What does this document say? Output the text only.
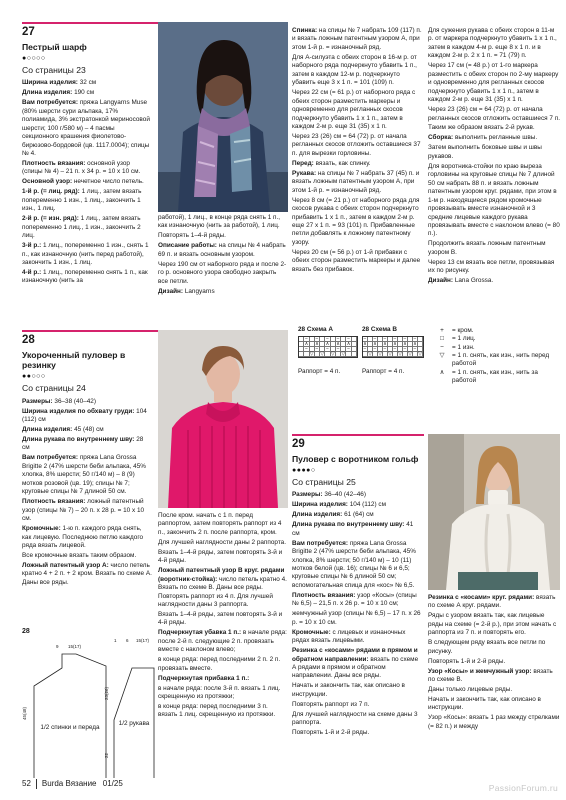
27
Пестрый шарф
●○○○○
Со страницы 23

Ширина изделия: 32 см

Длина изделия: 190 см

Вам потребуется: пряжа Langyarns Muse (80% шерсти сури альпака, 17% полиамида, 3% экстратонкой мериносовой шерсти; 100 г/580 м) – 4 пасмы секционного крашения фиолетово-бирюзово-бордовой (цв. 1117.0004); спицы № 4.

Плотность вязания: основной узор (спицы № 4) – 21 п. х 34 р. = 10 х 10 см.

Основной узор: нечетное число петель.

1-й р. (= лиц. ряд): 1 лиц., затем вязать попеременно 1 изн., 1 лиц., закончить 1 изн., 1 лиц.

2-й р. (= изн. ряд): 1 лиц., затем вязать попеременно 1 лиц., 1 изн., закончить 2 лиц.

3-й р.: 1 лиц., попеременно 1 изн., снять 1 п., как изнаночную (нить перед работой), закончить 1 изн., 1 лиц.

4-й р.: 1 лиц., попеременно снять 1 п., как изнаночную (нить за

работой), 1 лиц., в конце ряда снять 1 п., как изнаночную (нить за работой), 1 лиц.

Повторять 1–4-й ряды.

Описание работы: на спицы № 4 набрать 69 п. и вязать основным узором.

Через 190 см от наборного ряда и после 2-го р. основного узора свободно закрыть все петли.

Дизайн: Langyarns

Спинка: на спицы № 7 набрать 109 (117) п. и вязать ложным патентным узором А, при этом 1-й р. = изнаночный ряд.

Для А-силуэта с обеих сторон в 16-м р. от наборного ряда подчеркнуто убавить 1 п., затем в каждом 12-м р. подчеркнуто убавить еще 3 х 1 п. = 101 (109) п.

Через 22 см (= 61 р.) от наборного ряда с обеих сторон разместить маркеры и одновременно для регланных скосов подчеркнуто убавить 1 х 1 п., затем в каждом 2-м р. еще 31 (35) х 1 п.

Через 23 (26) см = 64 (72) р. от начала регланных скосов отложить оставшиеся 37 п. для вырезки горловины.

Перед: вязать, как спинку.

Рукава: на спицы № 7 набрать 37 (45) п. и вязать ложным патентным узором А, при этом 1-й р. = изнаночный ряд.

Через 8 см (= 21 р.) от наборного ряда для скосов рукава с обеих сторон подчеркнуто прибавить 1 х 1 п., затем в каждом 2-м р. еще 27 х 1 п. = 93 (101) п. Прибавленные петли добавлять к ложному патентному узору.

Через 20 см (= 56 р.) от 1-й прибавки с обеих сторон разместить маркеры и далее вязать без прибавок.

Для сужения рукава с обеих сторон в 11-м р. от маркера подчеркнуто убавить 1 х 1 п., затем в каждом 4-м р. еще 8 х 1 п. и в каждом 2-м р. 2 х 1 п. = 71 (79) п.

Через 17 см (= 48 р.) от 1-го маркера разместить с обеих сторон по 2-му маркеру и одновременно для регланных скосов подчеркнуто убавить 1 х 1 п., затем в каждом 2-м р. еще 31 (35) х 1 п.

Через 23 (26) см = 64 (72) р. от начала регланных скосов отложить оставшиеся 7 п.

Таким же образом вязать 2-й рукав.

Сборка: выполнить регланные швы.

Затем выполнить боковые швы и швы рукавов.

Для воротника-стойки по краю выреза горловины на круговые спицы № 7 длиной 50 см набрать 88 п. и вязать ложным патентным узором круг. рядами, при этом в 1-м р. находящиеся рядом кромочные провязывать вместе изнаночной и 3 средние лицевые каждого рукава провязывать вместе с наклоном влево (= 80 п.).

Продолжить вязать ложным патентным узором В.

Через 13 см вязать все петли, провязывая их по рисунку.

Дизайн: Lana Grossa.

28
Укороченный пуловер в резинку
●●○○○
Со страницы 24

Размеры: 36–38 (40–42)

Ширина изделия по обхвату груди: 104 (112) см

Длина изделия: 45 (48) см

Длина рукава по внутреннему шву: 28 см

Вам потребуется: пряжа Lana Grossa Brigitte 2 (47% шерсти беби альпака, 45% хлопка, 8% шерсти; 50 г/140 м) – 8 (9) мотков розовой (цв. 19); спицы № 7; круговые спицы № 7 длиной 50 см.

Плотность вязания: ложный патентный узор (спицы № 7) – 20 п. х 28 р. = 10 х 10 см.

Кромочные: 1-ю п. каждого ряда снять, как лицевую. Последнюю петлю каждого ряда вязать лицевой.

Все кромочные вязать таким образом.

Ложный патентный узор А: число петель кратно 4 + 2 п. + 2 кром. Вязать по схеме А. Даны все ряды.

После кром. начать с 1 п. перед раппортом, затем повторять раппорт из 4 п., закончить 2 п. после раппорта, кром.

Для лучшей наглядности даны 2 раппорта.

Вязать 1–4-й ряды, затем повторять 3-й и 4-й ряды.

Ложный патентный узор В круг. рядами (воротник-стойка): число петель кратно 4. Вязать по схеме В. Даны все ряды. Повторять раппорт из 4 п. Для лучшей наглядности даны 3 раппорта.

Вязать 1–4-й ряды, затем повторять 3-й и 4-й ряды.

Подчеркнутая убавка 1 п.: в начале ряда: после 2-й п. следующие 2 п. провязать вместе с наклоном влево;

в конце ряда: перед последними 2 п. 2 п. провязать вместе.

Подчеркнутая прибавка 1 п.:

в начале ряда: после 3-й п. вязать 1 лиц. скрещенную из протяжки;

в конце ряда: перед последними 3 п. вязать 1 лиц. скрещенную из протяжки.

28
9 15(17)
1 6 15(17)
45(48)
23(26)
22
1/2 спинки и переда
1/2 рукава
28 Схема А
−	−	−	−	−
∧ ∧ ∧ ∧ ∧
−	−	−	−	−
▽ ▽ ▽ ▽
Раппорт = 4 п.
28 Схема В
−	−	−	−	−	−
∧ ∧ ∧ ∧ ∧ ∧
−	−	−	−	−	−
▽ ▽ ▽ ▽ ▽ ▽
Раппорт = 4 п.
+	= кром.
□	= 1 лиц.
−	= 1 изн.
▽	= 1 п. снять, как изн., нить перед работой
∧	= 1 п. снять, как изн., нить за работой
29
Пуловер с воротником гольф
●●●●○
Со страницы 25

Размеры: 36–40 (42–46)

Ширина изделия: 104 (112) см

Длина изделия: 61 (64) см

Длина рукава по внутреннему шву: 41 см

Вам потребуется: пряжа Lana Grossa Brigitte 2 (47% шерсти беби альпака, 45% хлопка, 8% шерсти; 50 г/140 м) – 10 (11) мотков белой (цв. 16); спицы № 6 и 6,5; круговые спицы № 6 длиной 50 см; вспомогательная спица для «кос» № 6,5.

Плотность вязания: узор «Косы» (спицы № 6,5) – 21,5 п. х 26 р. = 10 х 10 см;

жемчужный узор (спицы № 6,5) – 17 п. х 26 р. = 10 х 10 см.

Кромочные: с лицевых и изнаночных рядах вязать лицевыми.

Резинка с «косами» рядами в прямом и обратном направлении: вязать по схеме А рядами в прямом и обратном направлении. Даны все ряды.

Начать и закончить так, как описано в инструкции.

Повторять раппорт из 7 п.

Для лучшей наглядности на схеме даны 3 раппорта.

Повторять 1-й и 2-й ряды.

Резинка с «косами» круг. рядами: вязать по схеме А круг. рядами.

Ряды с узором вязать так, как лицевые ряды на схеме (= 2-й р.), при этом начать с раппорта из 7 п. и повторять его.

В следующем ряду вязать все петли по рисунку.

Повторять 1-й и 2-й ряды.

Узор «Косы» и жемчужный узор: вязать по схеме В.

Даны только лицевые ряды.

Начать и закончить так, как описано в инструкции.

Узор «Косы»: вязать 1 раз между стрелками (= 82 п.) и между

52 Burda Вязание 01/25	PassionForum.ru
